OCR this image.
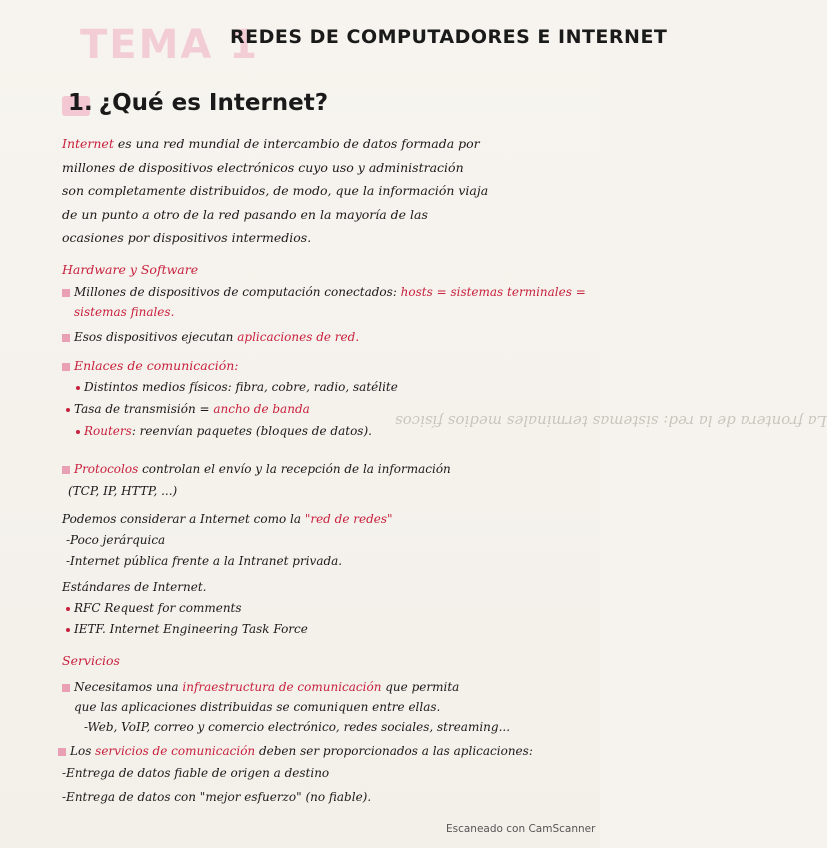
TEMA 1
REDES DE COMPUTADORES E INTERNET
1. ¿Qué es Internet?
Internet es una red mundial de intercambio de datos formada por
millones de dispositivos electrónicos cuyo uso y administración
son completamente distribuidos, de modo, que la información viaja
de un punto a otro de la red pasando en la mayoría de las
ocasiones por dispositivos intermedios.
Hardware y Software
Millones de dispositivos de computación conectados: hosts = sistemas terminales =
sistemas finales.
Esos dispositivos ejecutan aplicaciones de red.
Enlaces de comunicación:
Distintos medios físicos: fibra, cobre, radio, satélite
Tasa de transmisión = ancho de banda
Routers: reenvían paquetes (bloques de datos).
La frontera de la red: sistemas terminales medios físicos
Protocolos controlan el envío y la recepción de la información
(TCP, IP, HTTP, ...)
Podemos considerar a Internet como la "red de redes"
-Poco jerárquica
-Internet pública frente a la Intranet privada.
Estándares de Internet.
RFC Request for comments
IETF. Internet Engineering Task Force
Servicios
Necesitamos una infraestructura de comunicación que permita
que las aplicaciones distribuidas se comuniquen entre ellas.
-Web, VoIP, correo y comercio electrónico, redes sociales, streaming...
Los servicios de comunicación deben ser proporcionados a las aplicaciones:
-Entrega de datos fiable de origen a destino
-Entrega de datos con "mejor esfuerzo" (no fiable).
Escaneado con CamScanner
